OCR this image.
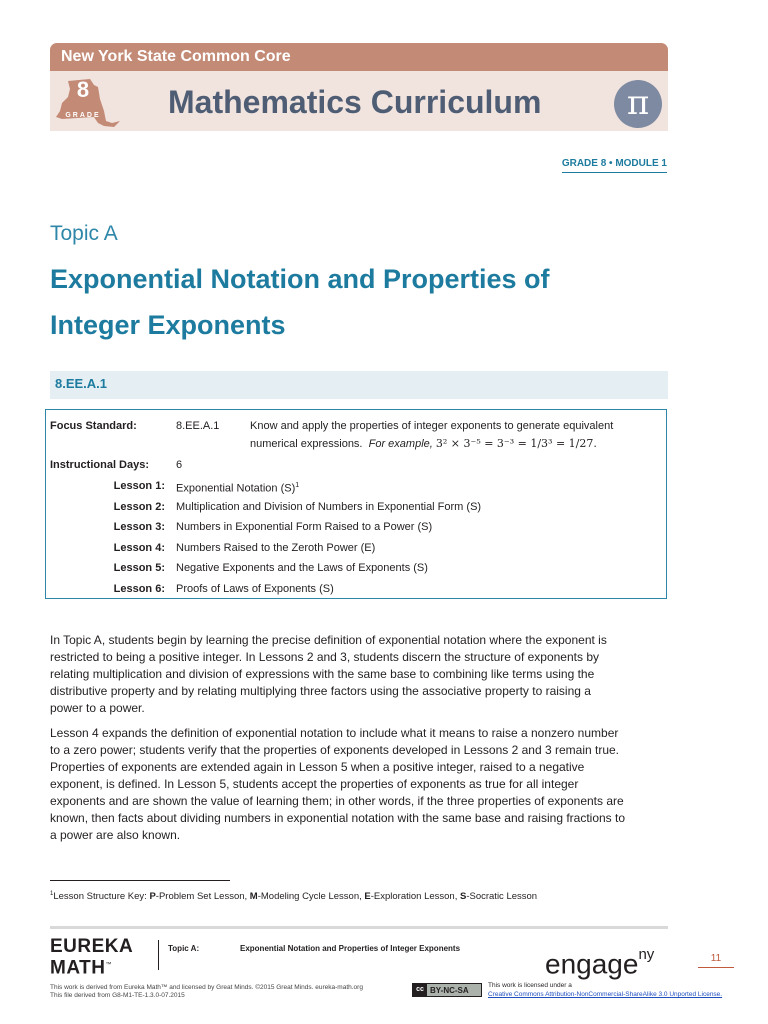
New York State Common Core
8
GRADE Mathematics Curriculum	π
GRADE 8 • MODULE 1
Topic A
Exponential Notation and Properties of
Integer Exponents
8.EE.A.1
Focus Standard:	8.EE.A.1	Know and apply the properties of integer exponents to generate equivalent
numerical expressions. For example, 3² × 3⁻⁵ = 3⁻³ = 1/3³ = 1/27.
Instructional Days: 6
Lesson 1: Exponential Notation $(S)^1$
Lesson 2: Multiplication and Division of Numbers in Exponential Form (S)
Lesson 3: Numbers in Exponential Form Raised to a Power (S)
Lesson 4: Numbers Raised to the Zeroth Power (E)
Lesson 5: Negative Exponents and the Laws of Exponents (S)
Lesson 6: Proofs of Laws of Exponents (S)
In Topic A, students begin by learning the precise definition of exponential notation where the exponent is
restricted to being a positive integer. In Lessons 2 and 3, students discern the structure of exponents by
relating multiplication and division of expressions with the same base to combining like terms using the
distributive property and by relating multiplying three factors using the associative property to raising a
power to a power.
Lesson 4 expands the definition of exponential notation to include what it means to raise a nonzero number
to a zero power; students verify that the properties of exponents developed in Lessons 2 and 3 remain true.
Properties of exponents are extended again in Lesson 5 when a positive integer, raised to a negative
exponent, is defined. In Lesson 5, students accept the properties of exponents as true for all integer
exponents and are shown the value of learning them; in other words, if the three properties of exponents are
known, then facts about dividing numbers in exponential notation with the same base and raising fractions to
a power are also known.
$^1$Lesson Structure Key: P-Problem Set Lesson, M-Modeling Cycle Lesson, E-Exploration Lesson, S-Socratic Lesson
EUREKA
MATH™
Topic A:	Exponential Notation and Properties of Integer Exponents	engage$^{ny}$	11
This work is derived from Eureka Math™ and licensed by Great Minds. ©2015 Great Minds. eureka-math.org
This file derived from G8-M1-TE-1.3.0-07.2015
cc BY-NC-SA
This work is licensed under a
Creative Commons Attribution-NonCommercial-ShareAlike 3.0 Unported License.
